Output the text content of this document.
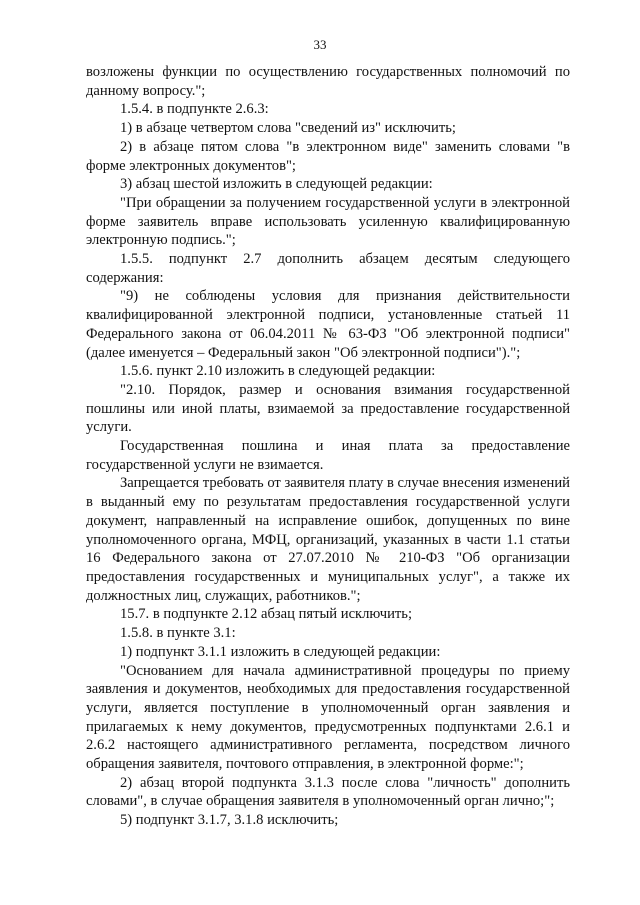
33

возложены функции по осуществлению государственных полномочий по данному вопросу.";

1.5.4. в подпункте 2.6.3:

1) в абзаце четвертом слова "сведений из" исключить;

2) в абзаце пятом слова "в электронном виде" заменить словами "в форме электронных документов";

3) абзац шестой изложить в следующей редакции:

"При обращении за получением государственной услуги в электронной форме заявитель вправе использовать усиленную квалифицированную электронную подпись.";

1.5.5. подпункт 2.7 дополнить абзацем десятым следующего содержания:

"9) не соблюдены условия для признания действительности квалифицированной электронной подписи, установленные статьей 11 Федерального закона от 06.04.2011 № 63-ФЗ "Об электронной подписи" (далее именуется – Федеральный закон "Об электронной подписи").";

1.5.6. пункт 2.10 изложить в следующей редакции:

"2.10. Порядок, размер и основания взимания государственной пошлины или иной платы, взимаемой за предоставление государственной услуги.

Государственная пошлина и иная плата за предоставление государственной услуги не взимается.

Запрещается требовать от заявителя плату в случае внесения изменений в выданный ему по результатам предоставления государственной услуги документ, направленный на исправление ошибок, допущенных по вине уполномоченного органа, МФЦ, организаций, указанных в части 1.1 статьи 16 Федерального закона от 27.07.2010 № 210-ФЗ "Об организации предоставления государственных и муниципальных услуг", а также их должностных лиц, служащих, работников.";

15.7. в подпункте 2.12 абзац пятый исключить;

1.5.8. в пункте 3.1:

1) подпункт 3.1.1 изложить в следующей редакции:

"Основанием для начала административной процедуры по приему заявления и документов, необходимых для предоставления государственной услуги, является поступление в уполномоченный орган заявления и прилагаемых к нему документов, предусмотренных подпунктами 2.6.1 и 2.6.2 настоящего административного регламента, посредством личного обращения заявителя, почтового отправления, в электронной форме:";

2) абзац второй подпункта 3.1.3 после слова "личность" дополнить словами", в случае обращения заявителя в уполномоченный орган лично;";

5) подпункт 3.1.7, 3.1.8 исключить;
